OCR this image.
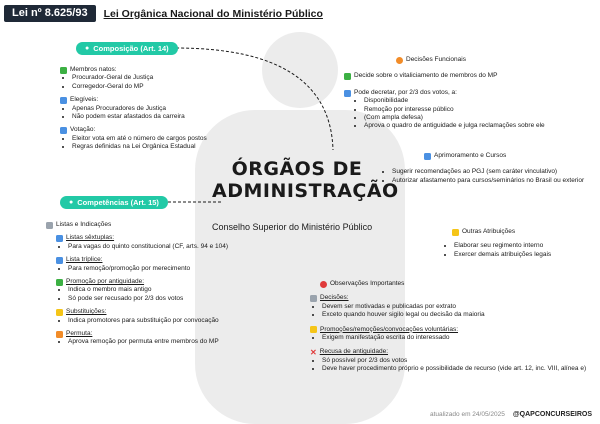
Lei nº 8.625/93	Lei Orgânica Nacional do Ministério Público
ÓRGÃOS DE
ADMINISTRAÇÃO
Conselho Superior do Ministério Público
● Composição (Art. 14)
Membros natos:
• Procurador-Geral de Justiça
• Corregedor-Geral do MP
Elegíveis:
• Apenas Procuradores de Justiça
• Não podem estar afastados da carreira
Votação:
• Eleitor vota em até o número de cargos postos
• Regras definidas na Lei Orgânica Estadual
● Competências (Art. 15)
Listas e Indicações
Listas sêxtuplas:
• Para vagas do quinto constitucional (CF, arts. 94 e 104)
Lista tríplice:
• Para remoção/promoção por merecimento
Promoção por antiguidade:
• Indica o membro mais antigo
• Só pode ser recusado por 2/3 dos votos
Substituições:
• Indica promotores para substituição por convocação
Permuta:
• Aprova remoção por permuta entre membros do MP
Decisões Funcionais
Decide sobre o vitaliciamento de membros do MP
Pode decretar, por 2/3 dos votos, a:
• Disponibilidade
• Remoção por interesse público
• (Com ampla defesa)
• Aprova o quadro de antiguidade e julga reclamações sobre ele
Aprimoramento e Cursos
• Sugerir recomendações ao PGJ (sem caráter vinculativo)
• Autorizar afastamento para cursos/seminários no Brasil ou exterior
Outras Atribuições
• Elaborar seu regimento interno
• Exercer demais atribuições legais
Observações Importantes
Decisões:
• Devem ser motivadas e publicadas por extrato
• Exceto quando houver sigilo legal ou decisão da maioria
Promoções/remoções/convocações voluntárias:
• Exigem manifestação escrita do interessado
✕ Recusa de antiguidade:
• Só possível por 2/3 dos votos
• Deve haver procedimento próprio e possibilidade de recurso (vide art. 12, inc. VIII, alínea e)
atualizado em 24/05/2025 @QAPCONCURSEIROS
